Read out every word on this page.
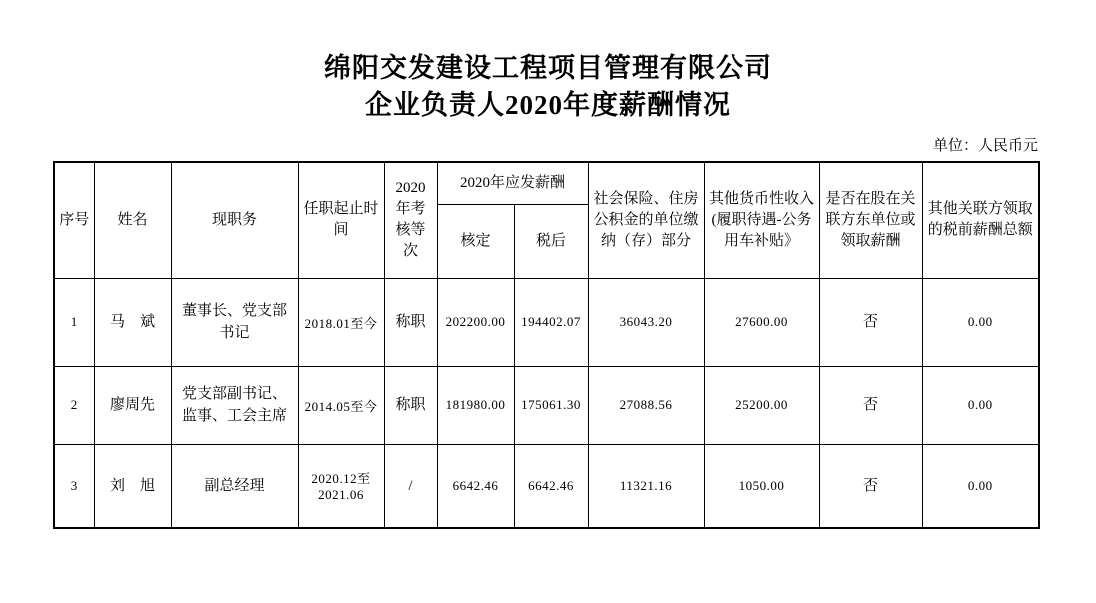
绵阳交发建设工程项目管理有限公司
企业负责人2020年度薪酬情况
单位：人民币元
序号	姓名	现职务	任职起止时间	2020年考核等次	2020年应发薪酬		社会保险、住房公积金的单位缴纳（存）部分	其他货币性收入(履职待遇-公务用车补贴》	是否在股在关联方东单位或领取薪酬	其他关联方领取的税前薪酬总额
					核定	税后				
1	马　斌	董事长、党支部书记	2018.01至今	称职	202200.00	194402.07	36043.20	27600.00	否	0.00
2	廖周先	党支部副书记、监事、工会主席	2014.05至今	称职	181980.00	175061.30	27088.56	25200.00	否	0.00
3	刘　旭	副总经理	2020.12至2021.06	/	6642.46	6642.46	11321.16	1050.00	否	0.00
